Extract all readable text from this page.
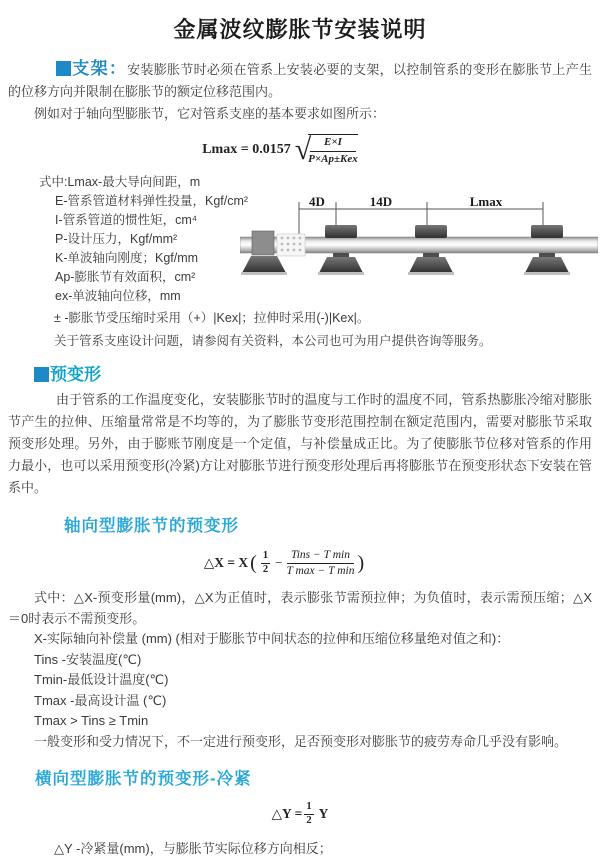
金属波纹膨胀节安装说明

支架：安装膨胀节时必须在管系上安装必要的支架，以控制管系的变形在膨胀节上产生的位移方向并限制在膨胀节的额定位移范围内。

例如对于轴向型膨胀节，它对管系支座的基本要求如图所示：

Lmax = 0.0157 √
$\frac{E\times I}{\text{P×Ap±Kex}}$

式中:Lmax-最大导向间距，m

E-管系管道材料弹性投量，Kgf/cm²

I-管系管道的惯性矩，cm⁴

P-设计压力，Kgf/mm²

K-单波轴向刚度；Kgf/mm

Ap-膨胀节有效面积，cm²

ex-单波轴向位移，mm

4D	14D	Lmax

± -膨胀节受压缩时采用（+）|Kex|；拉伸时采用(-)|Kex|。

关于管系支座设计问题，请参阅有关资料，本公司也可为用户提供咨询等服务。

预变形

由于管系的工作温度变化，安装膨胀节时的温度与工作时的温度不同，管系热膨胀冷缩对膨胀节产生的拉伸、压缩量常常是不均等的，为了膨胀节变形范围控制在额定范围内，需要对膨胀节采取预变形处理。另外，由于膨账节刚度是一个定值，与补偿量成正比。为了使膨胀节位移对管系的作用力最小，也可以采用预变形(冷紧)方让对膨胀节进行预变形处理后再将膨胀节在预变形状态下安装在管系中。

轴向型膨胀节的预变形
△X = X ( $\frac{1}{2}$ −
Tins − T min
T max − T min )

式中：△X-预变形量(mm)，△X为正值时，表示膨张节需预拉伸；为负值时，表示需预压缩；△X＝0时表示不需预变形。

X-实际轴向补偿量 (mm) (相对于膨胀节中间状态的拉伸和压缩位移量绝对值之和)：

Tins -安装温度(℃)

Tmin-最低设计温度(℃)

Tmax -最高设计温 (℃)

Tmax > Tins ≥ Tmin

一般变形和受力情况下，不一定进行预变形，足否预变形对膨胀节的疲劳寿命几乎没有影响。

横向型膨胀节的预变形-冷紧
△Y = $\frac{1}{2}$ Y

△Y -冷紧量(mm)，与膨胀节实际位移方向相反；
